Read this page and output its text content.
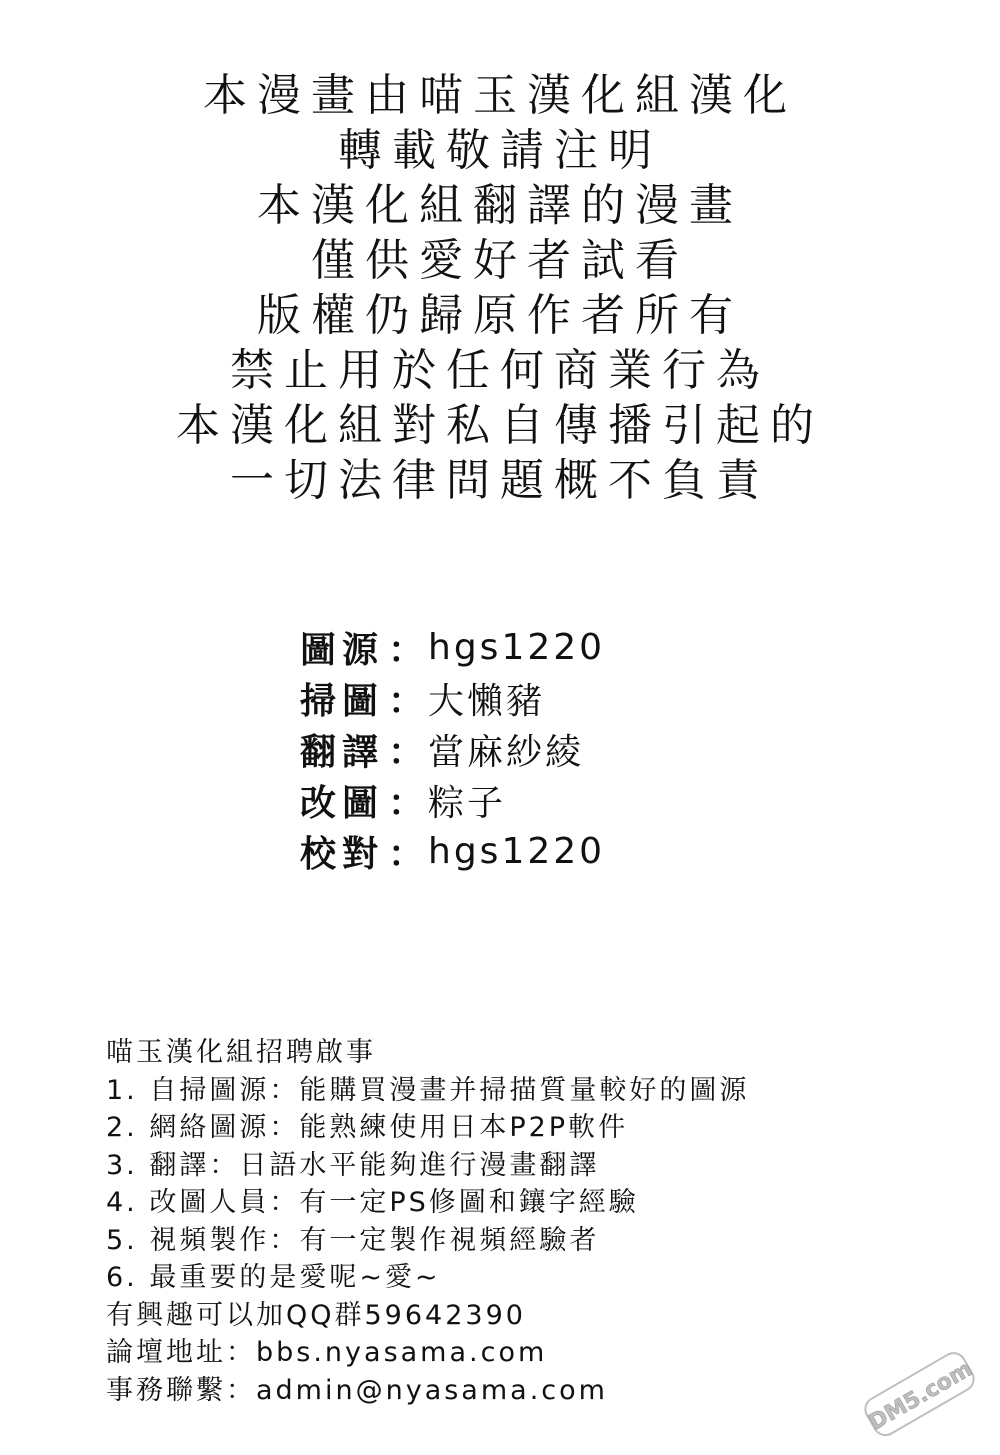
本漫畫由喵玉漢化組漢化
轉載敬請注明
本漢化組翻譯的漫畫
僅供愛好者試看
版權仍歸原作者所有
禁止用於任何商業行為
本漢化組對私自傳播引起的
一切法律問題概不負責
圖源 ： hgs1220
掃圖 ： 大懶豬
翻譯 ： 當麻紗綾
改圖 ： 粽子
校對 ： hgs1220
喵玉漢化組招聘啟事
1. 自掃圖源：能購買漫畫并掃描質量較好的圖源
2. 網絡圖源：能熟練使用日本P2P軟件
3. 翻譯：日語水平能夠進行漫畫翻譯
4. 改圖人員：有一定PS修圖和鑲字經驗
5. 視頻製作：有一定製作視頻經驗者
6. 最重要的是愛呢~愛~
有興趣可以加QQ群59642390
論壇地址：bbs.nyasama.com
事務聯繫：admin@nyasama.com	DM5.com
